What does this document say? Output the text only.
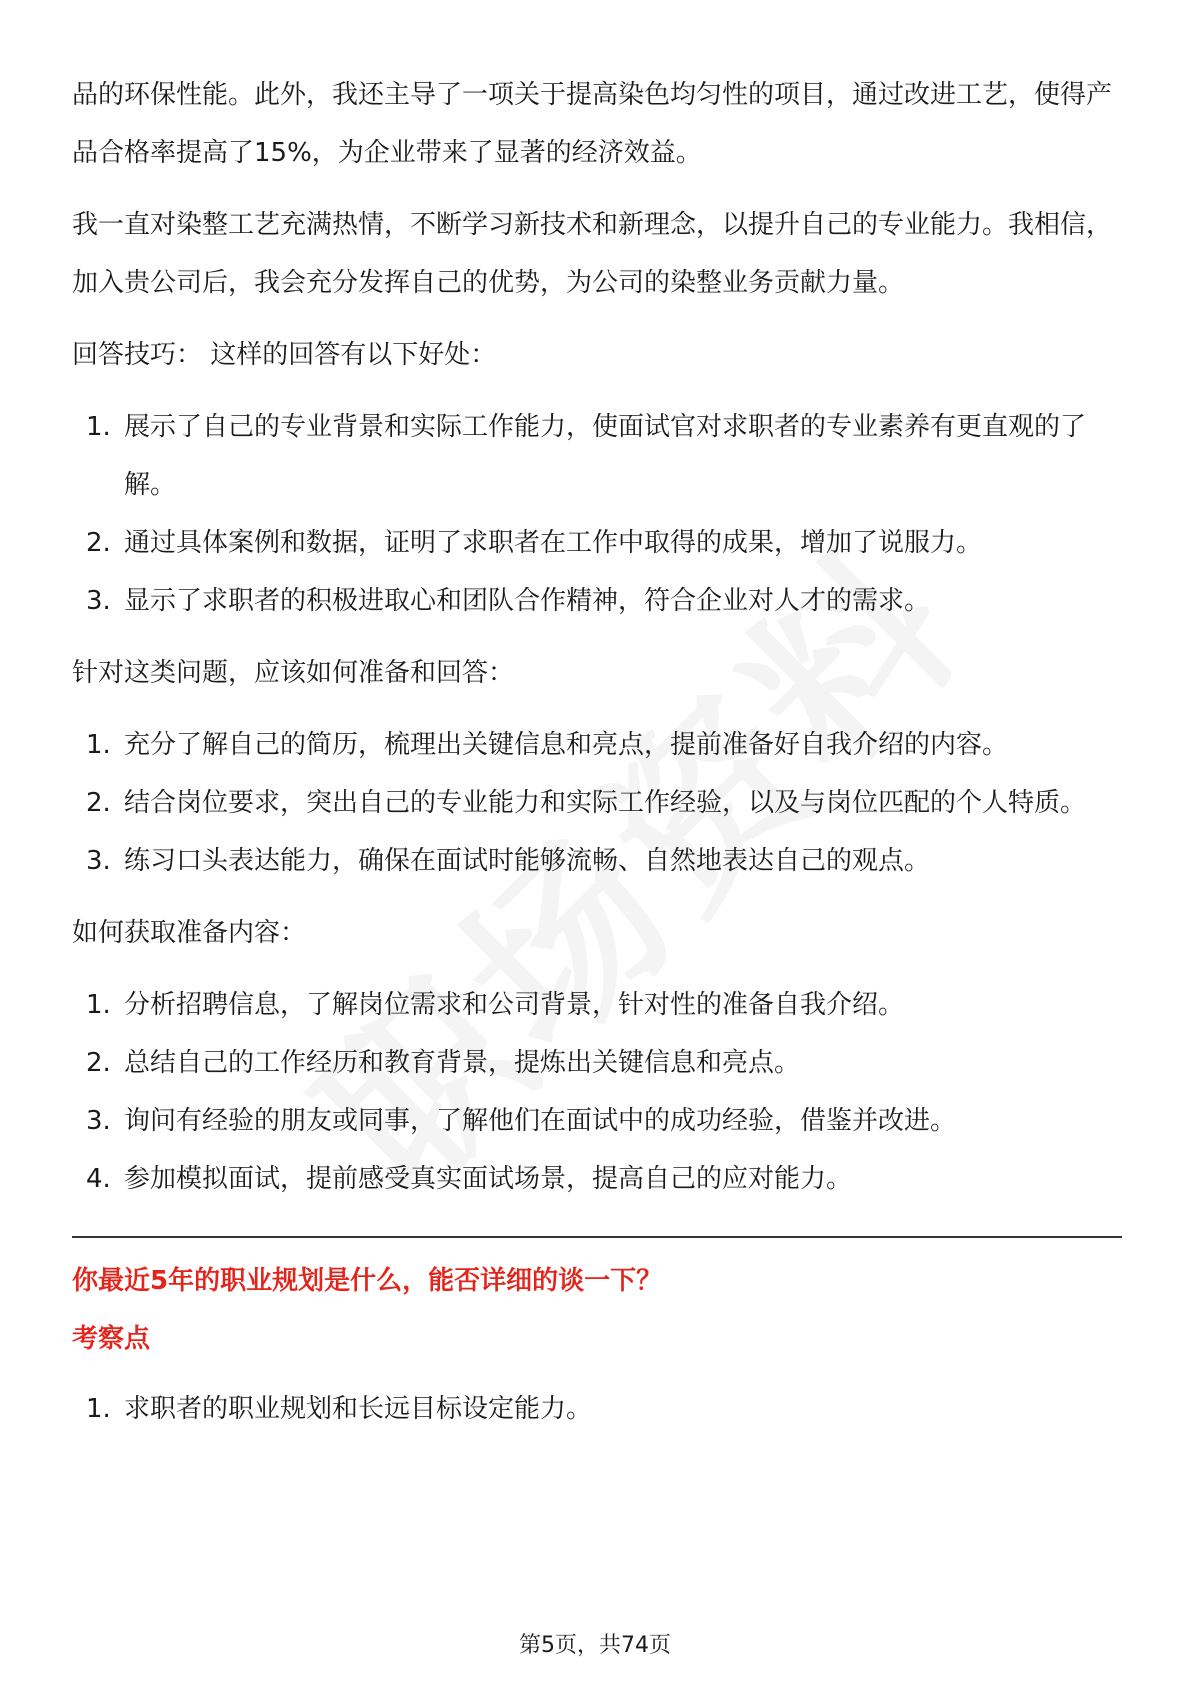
品的环保性能。此外，我还主导了一项关于提高染色均匀性的项目，通过改进工艺，使得产品合格率提高了15%，为企业带来了显著的经济效益。

我一直对染整工艺充满热情，不断学习新技术和新理念，以提升自己的专业能力。我相信，加入贵公司后，我会充分发挥自己的优势，为公司的染整业务贡献力量。

回答技巧： 这样的回答有以下好处：

1. 展示了自己的专业背景和实际工作能力，使面试官对求职者的专业素养有更直观的了解。
2. 通过具体案例和数据，证明了求职者在工作中取得的成果，增加了说服力。
3. 显示了求职者的积极进取心和团队合作精神，符合企业对人才的需求。

针对这类问题，应该如何准备和回答：

1. 充分了解自己的简历，梳理出关键信息和亮点，提前准备好自我介绍的内容。
2. 结合岗位要求，突出自己的专业能力和实际工作经验，以及与岗位匹配的个人特质。
3. 练习口头表达能力，确保在面试时能够流畅、自然地表达自己的观点。

如何获取准备内容：

1. 分析招聘信息，了解岗位需求和公司背景，针对性的准备自我介绍。
2. 总结自己的工作经历和教育背景，提炼出关键信息和亮点。
3. 询问有经验的朋友或同事，了解他们在面试中的成功经验，借鉴并改进。
4. 参加模拟面试，提前感受真实面试场景，提高自己的应对能力。

你最近5年的职业规划是什么，能否详细的谈一下？

考察点

1. 求职者的职业规划和长远目标设定能力。
第5页，共74页
